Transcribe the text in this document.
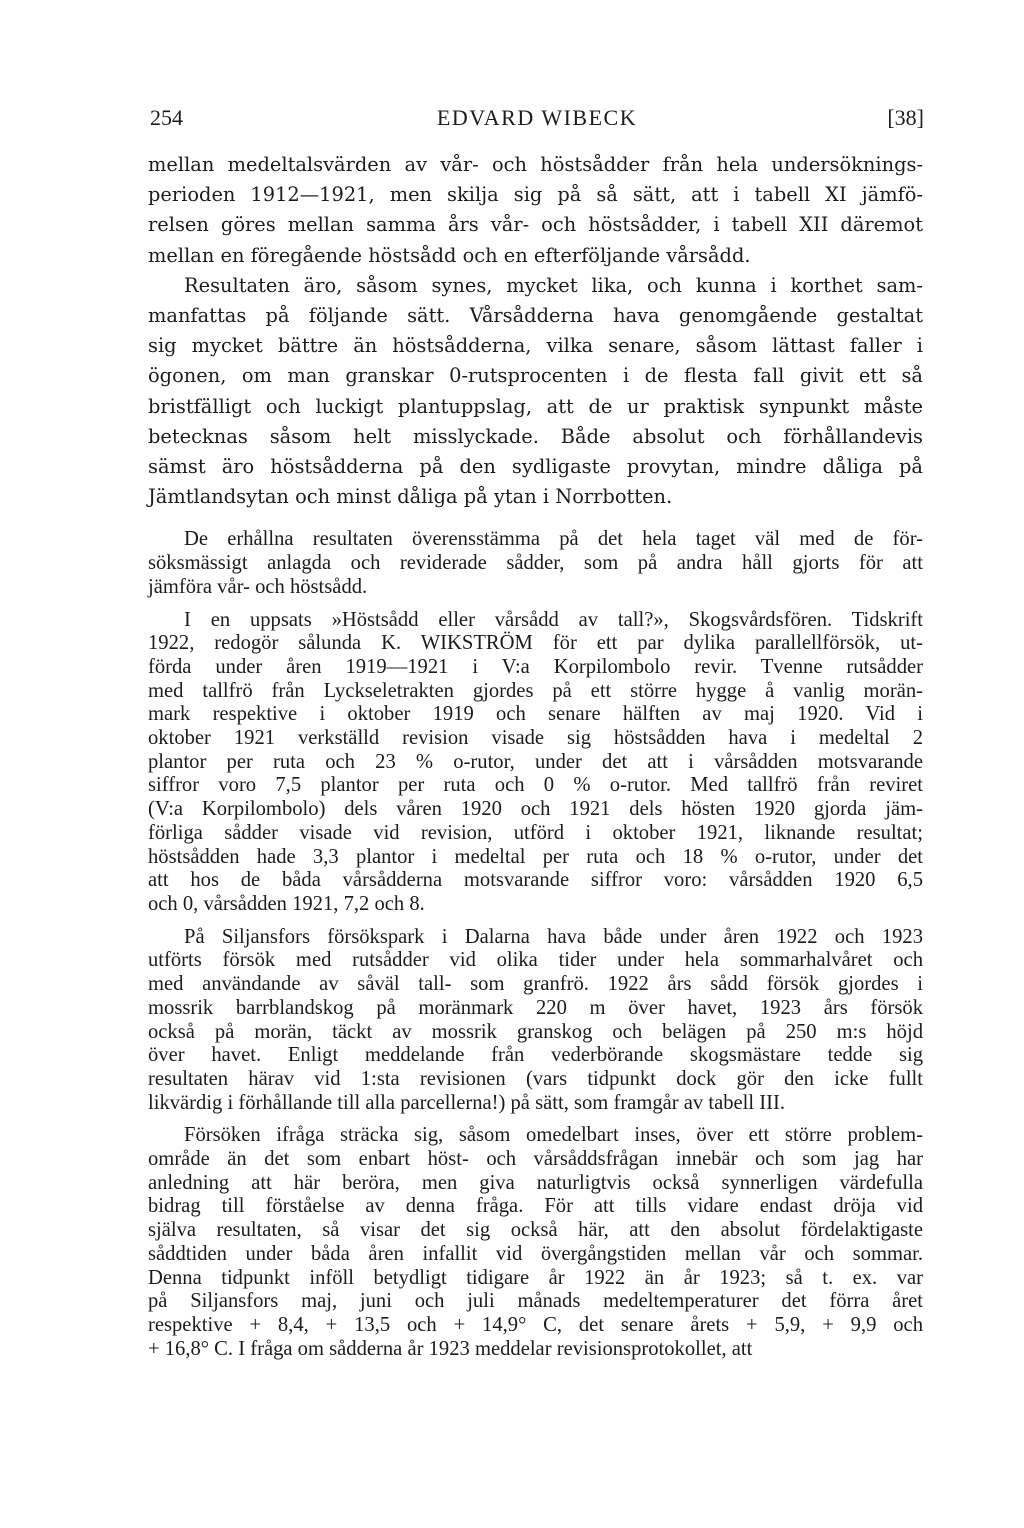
254	EDVARD WIBECK	[38]

mellan medeltalsvärden av vår- och höstsådder från hela undersöknings-
perioden 1912—1921, men skilja sig på så sätt, att i tabell XI jämfö-
relsen göres mellan samma års vår- och höstsådder, i tabell XII däremot
mellan en föregående höstsådd och en efterföljande vårsådd.

Resultaten äro, såsom synes, mycket lika, och kunna i korthet sam-
manfattas på följande sätt. Vårsådderna hava genomgående gestaltat
sig mycket bättre än höstsådderna, vilka senare, såsom lättast faller i
ögonen, om man granskar 0-rutsprocenten i de flesta fall givit ett så
bristfälligt och luckigt plantuppslag, att de ur praktisk synpunkt måste
betecknas såsom helt misslyckade. Både absolut och förhållandevis
sämst äro höstsådderna på den sydligaste provytan, mindre dåliga på
Jämtlandsytan och minst dåliga på ytan i Norrbotten.

De erhållna resultaten överensstämma på det hela taget väl med de för-
söksmässigt anlagda och reviderade sådder, som på andra håll gjorts för att
jämföra vår- och höstsådd.

I en uppsats »Höstsådd eller vårsådd av tall?», Skogsvårdsfören. Tidskrift
1922, redogör sålunda K. WIKSTRÖM för ett par dylika parallellförsök, ut-
förda under åren 1919—1921 i V:a Korpilombolo revir. Tvenne rutsådder
med tallfrö från Lyckseletrakten gjordes på ett större hygge å vanlig morän-
mark respektive i oktober 1919 och senare hälften av maj 1920. Vid i
oktober 1921 verkställd revision visade sig höstsådden hava i medeltal 2
plantor per ruta och 23 % o-rutor, under det att i vårsådden motsvarande
siffror voro 7,5 plantor per ruta och 0 % o-rutor. Med tallfrö från reviret
(V:a Korpilombolo) dels våren 1920 och 1921 dels hösten 1920 gjorda jäm-
förliga sådder visade vid revision, utförd i oktober 1921, liknande resultat;
höstsådden hade 3,3 plantor i medeltal per ruta och 18 % o-rutor, under det
att hos de båda vårsådderna motsvarande siffror voro: vårsådden 1920 6,5
och 0, vårsådden 1921, 7,2 och 8.

På Siljansfors försökspark i Dalarna hava både under åren 1922 och 1923
utförts försök med rutsådder vid olika tider under hela sommarhalvåret och
med användande av såväl tall- som granfrö. 1922 års sådd försök gjordes i
mossrik barrblandskog på moränmark 220 m över havet, 1923 års försök
också på morän, täckt av mossrik granskog och belägen på 250 m:s höjd
över havet. Enligt meddelande från vederbörande skogsmästare tedde sig
resultaten härav vid 1:sta revisionen (vars tidpunkt dock gör den icke fullt
likvärdig i förhållande till alla parcellerna!) på sätt, som framgår av tabell III.

Försöken ifråga sträcka sig, såsom omedelbart inses, över ett större problem-
område än det som enbart höst- och vårsåddsfrågan innebär och som jag har
anledning att här beröra, men giva naturligtvis också synnerligen värdefulla
bidrag till förståelse av denna fråga. För att tills vidare endast dröja vid
själva resultaten, så visar det sig också här, att den absolut fördelaktigaste
såddtiden under båda åren infallit vid övergångstiden mellan vår och sommar.
Denna tidpunkt inföll betydligt tidigare år 1922 än år 1923; så t. ex. var
på Siljansfors maj, juni och juli månads medeltemperaturer det förra året
respektive + 8,4, + 13,5 och + 14,9° C, det senare årets + 5,9, + 9,9 och
+ 16,8° C. I fråga om sådderna år 1923 meddelar revisionsprotokollet, att
